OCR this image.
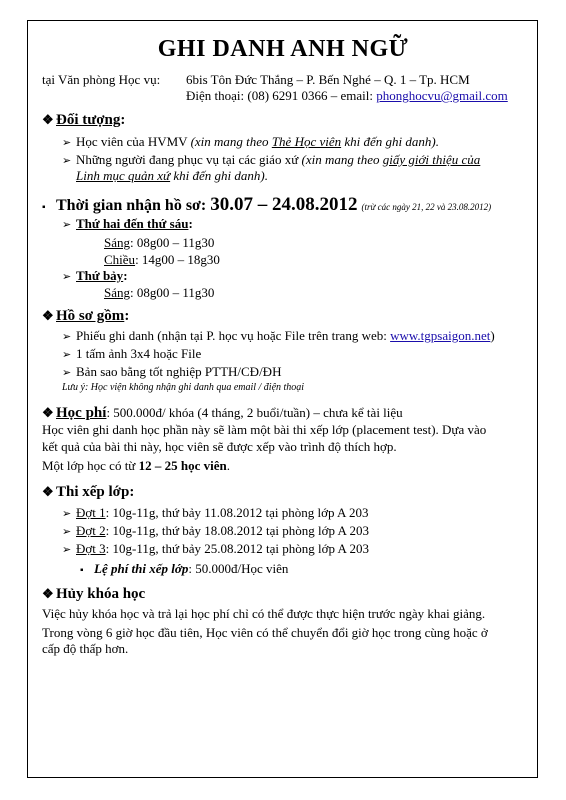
GHI DANH ANH NGỮ
tại Văn phòng Học vụ: 6bis Tôn Đức Thắng – P. Bến Nghé – Q. 1 – Tp. HCM
Điện thoại: (08) 6291 0366 – email: phonghocvu@gmail.com
❖ Đối tượng:
➢ Học viên của HVMV (xin mang theo Thẻ Học viên khi đến ghi danh).
➢ Những người đang phục vụ tại các giáo xứ (xin mang theo giấy giới thiệu của
Linh mục quản xứ khi đến ghi danh).
▪ Thời gian nhận hồ sơ: 30.07 – 24.08.2012 (trừ các ngày 21, 22 và 23.08.2012)
➢ Thứ hai đến thứ sáu:
Sáng: 08g00 – 11g30
Chiều: 14g00 – 18g30
➢ Thứ bảy:
Sáng: 08g00 – 11g30
❖ Hồ sơ gồm:
➢ Phiếu ghi danh (nhận tại P. học vụ hoặc File trên trang web: www.tgpsaigon.net)
➢ 1 tấm ảnh 3x4 hoặc File
➢ Bản sao bằng tốt nghiệp PTTH/CĐ/ĐH
Lưu ý: Học viện không nhận ghi danh qua email / điện thoại
❖ Học phí: 500.000đ/ khóa (4 tháng, 2 buổi/tuần) – chưa kể tài liệu
Học viên ghi danh học phần này sẽ làm một bài thi xếp lớp (placement test). Dựa vào
kết quả của bài thi này, học viên sẽ được xếp vào trình độ thích hợp.
Một lớp học có từ 12 – 25 học viên.
❖ Thi xếp lớp:
➢ Đợt 1: 10g-11g, thứ bảy 11.08.2012 tại phòng lớp A 203
➢ Đợt 2: 10g-11g, thứ bảy 18.08.2012 tại phòng lớp A 203
➢ Đợt 3: 10g-11g, thứ bảy 25.08.2012 tại phòng lớp A 203
▪ Lệ phí thi xếp lớp: 50.000đ/Học viên
❖ Hủy khóa học
Việc hủy khóa học và trả lại học phí chỉ có thể được thực hiện trước ngày khai giảng.
Trong vòng 6 giờ học đầu tiên, Học viên có thể chuyển đổi giờ học trong cùng hoặc ở
cấp độ thấp hơn.
